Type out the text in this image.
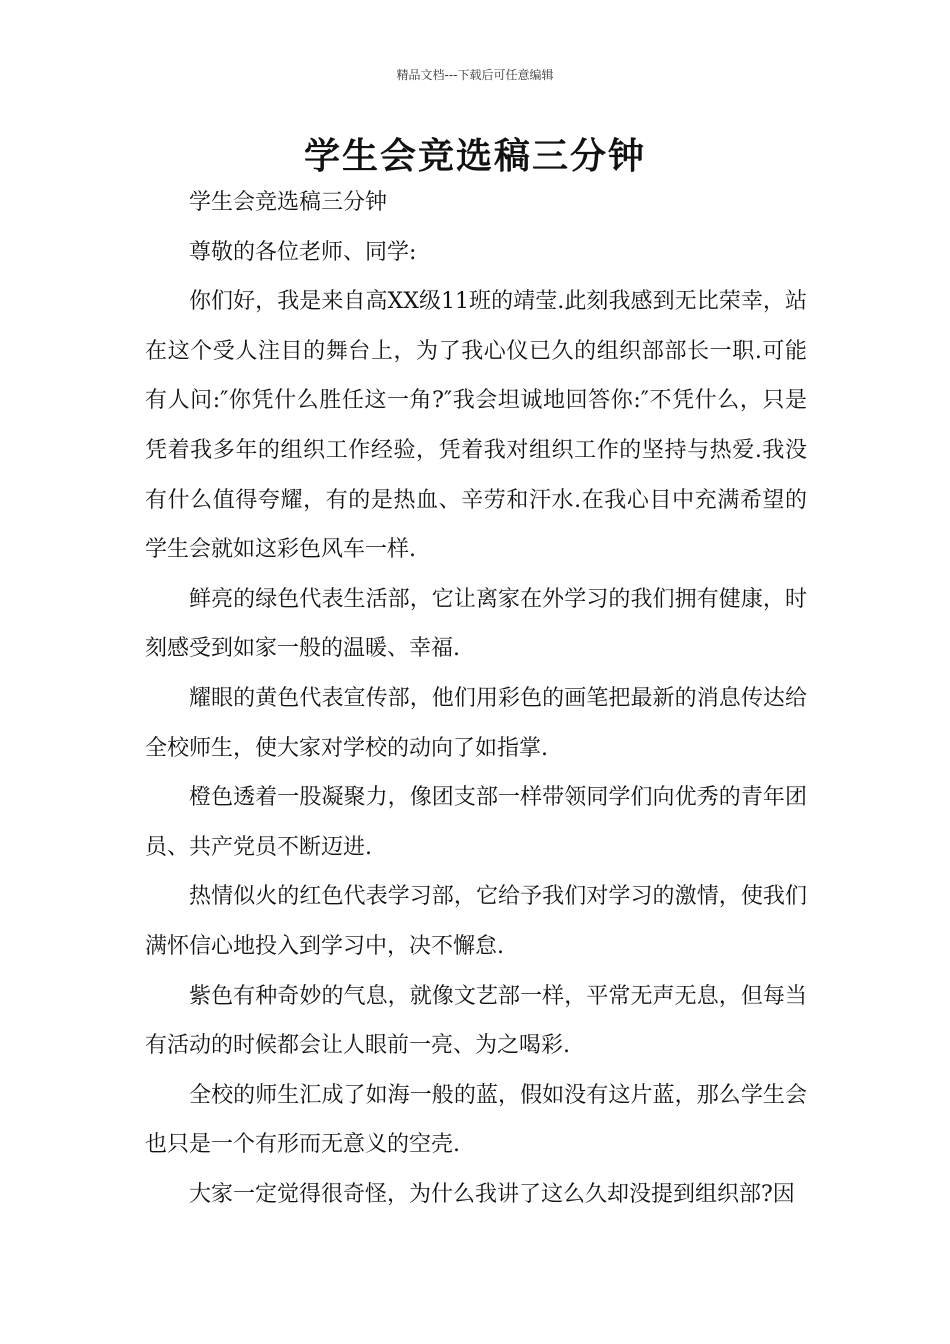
精品文档---下载后可任意编辑
学生会竞选稿三分钟

学生会竞选稿三分钟

尊敬的各位老师、同学:

你们好，我是来自高XX级11班的靖莹.此刻我感到无比荣幸，站在这个受人注目的舞台上，为了我心仪已久的组织部部长一职.可能有人问:″你凭什么胜任这一角?″我会坦诚地回答你:″不凭什么，只是凭着我多年的组织工作经验，凭着我对组织工作的坚持与热爱.我没有什么值得夸耀，有的是热血、辛劳和汗水.在我心目中充满希望的学生会就如这彩色风车一样.

鲜亮的绿色代表生活部，它让离家在外学习的我们拥有健康，时刻感受到如家一般的温暖、幸福.

耀眼的黄色代表宣传部，他们用彩色的画笔把最新的消息传达给全校师生，使大家对学校的动向了如指掌.

橙色透着一股凝聚力，像团支部一样带领同学们向优秀的青年团员、共产党员不断迈进.

热情似火的红色代表学习部，它给予我们对学习的激情，使我们满怀信心地投入到学习中，决不懈怠.

紫色有种奇妙的气息，就像文艺部一样，平常无声无息，但每当有活动的时候都会让人眼前一亮、为之喝彩.

全校的师生汇成了如海一般的蓝，假如没有这片蓝，那么学生会也只是一个有形而无意义的空壳.

大家一定觉得很奇怪，为什么我讲了这么久却没提到组织部?因
